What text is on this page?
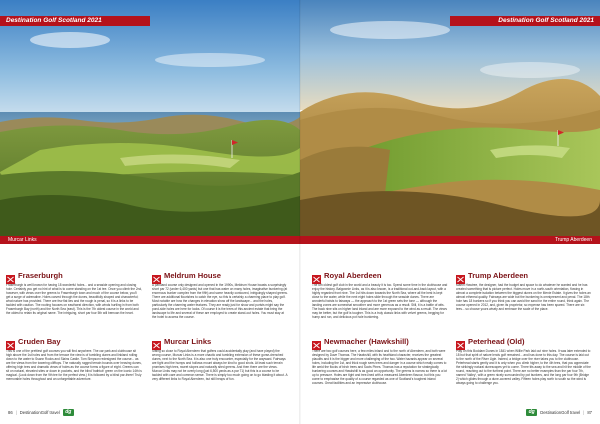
Destination Golf Scotland 2021
Murcar Links
Fraserburgh

Fraserburgh is well known for having 18 wonderful holes... and a seaside opening and closing hole. Certainly you get no hint of what is to come standing on the 1st tee. Once you climb the 2nd, however, with views over the greens to Fraserburgh town and much of the course below, you'll get a surge of adrenaline. Holes carved through the dunes, beautifully shaped and characterful; what nature has provided. There are few flat lies and the rough is penal, so it is a links to be tackled with caution. The routing focuses on east/west direction, with winds hurtling in from both Fraserburgh Bay (north) and the North Sea (east). This is the 7th oldest course in the world and the oldest to retain its original name. The intriguing, short par four 5th will bemoan the heart.

Cruden Bay

This is one of the prettiest golf courses you will find anywhere. The car park and clubhouse sit high above the 1st holes and from the terrace the view is of tumbling dunes and linkland rolling down to the water to Ssann Rocks and Slains Castle. Tom Simpson redesigned the course... as are the views from the towering clifftops. The naturally rugged terrain bounds over heaving dunes, offering high tees and dramatic views of holes as the course forms a figure of eight. Greens can sit on natural, elevated sites or down in pockets, and the blind 'bathtub' green on the iconic 14th is magical. (Look down from the 9th tee for the perfect view.) It is followed by a blind par-three! Truly memorable holes throughout and an unforgettable adventure.

Meldrum House

A parkland course only designed and opened in the 1990s, Meldrum House boasts a surprisingly short par 72 (under 6,400 yards) but one that has water on many holes, imaginative bunkering (at enormous bunker complex from the fifth) and some heavily contoured, intriguingly shaped greens. There are additional flourishes to catch the eye, so this is certainly a charming place to play golf. Most notable are how the changes in elevation show off the landscape... and the holes, particularly the charming water features. They are ready just for show and purists might say the pond-side holes are here for looks. Of course it is the trees of this ancient estate that bring the landscape to life and several of these are employed to create stand-out holes. You must stay at the hotel to access the course.

Murcar Links

Sitting so close to Royal Aberdeen that golfers could accidentally play (and have played) the wrong course, Murcar Links is a more chaotic and tumbling extension of these gorse-drenched dunes, next to the North Sea. It is also one truly encounter, especially for the wayward. Fairways are tight and the humps and hollows mount always be kind to good shots. At least such terrain promises high tees, sweet slopes and naturally sited greens. And then there are the views. Murcar Links may not be overly long (just 6,500 yards as a par 71) but this is a course to be tackled with care and common sense. There is simply too much going on to go blasting it about. A very different links to Royal Aberdeen, but still heaps of fun.

86 | DestinationGolf travel	dg
Destination Golf Scotland 2021
Trump Aberdeen
Royal Aberdeen

The 6th oldest golf club in the world and a beauty it is too. Spend some time in the clubhouse and enjoy the history. Balgownie Links, as it is also known, is a traditional out-and-back layout, with a highly regarded front nine. The 1st hits down towards the North Sea, where all the best is kept close to the water, while the next eight holes slide through the seaside dunes. There are wonderful twists to fairways — the approach to the 1st green sets the tone — although the landing zones are somewhat smoother and more generous as a result. Still, it is a battle of wits. The back nine sits on higher land inland and are more exposed to the wind as a result. The views may be better, but the golf is tougher. This is a truly classic links with velvet greens, begging for hump and run, and delicious pot hole bunkering.

Newmacher (Hawkshill)

There are two golf courses here, a few miles inland and to the north of Aberdeen, and both were designed by Dave Thomas. The Hawkshill, with its heathland character, receives the greatest plaudits and it is the bigger and more challenging of the two. Water hazards appear on several holes, including the 1st, and thick rough sees trees and danger in a course which really comes to life amid the flocks of birch trees and Scots Pines. Thomas has a reputation for strategically bunkering courses and Hawkshill is as good an opportunity. The greens is narrow so there is a lot up to pressure. Holes are tight and tree-lined with a measured Aberdeen flavour, but this you come to emphasise the quality of a course regarded as one of Scotland's toughest inland courses. Great facilities and an impressive clubhouse.

Trump Aberdeen

Martin Hawtree, the designer, had the budget and space to do whatever he wanted and he has created something that is picture perfect. Holes move in a north-south orientation, flowing in almost a complete isolation between the biggest dunes on the Menie Estate. It gives the holes an almost ethereal quality. Fairways are wide but the bunkering is omnipresent and penal. The 18th hole has 18 bunkers so if you think you can avoid the sand for the entire round, think again. The course opened in 2012, and, given its proprietor, so expense has been spared. There are six tees... so choose yours wisely and embrace the scale of the place.

Peterhead (Old)

Play on this Boddam Dunes in 1841 when Willie Park laid out nine holes. It was later extended to 18 but that spirit of nature lends golf remained... and has done to this day. The course is laid out to the north of the River Ugie. Indeed, a bridge over the river takes you to the clubhouse. Peterhead starts gently and it is only when you climb higher, to the 4th tees, that you appreciate the strikingly natural dunescapes yet to come. Three tits away to the sea and hit the middle of the round, reaching out to the furthest point. There are no better examples than the par four 7th, named 'Valley', with a green nicely surrounded by pot bunkers, and the long par four 9th (Bridge 2) which glides through a dune-covered valley. Fifteen holes play north to south so the wind is always going to challenge you.

dg	DestinationGolf travel | 87
